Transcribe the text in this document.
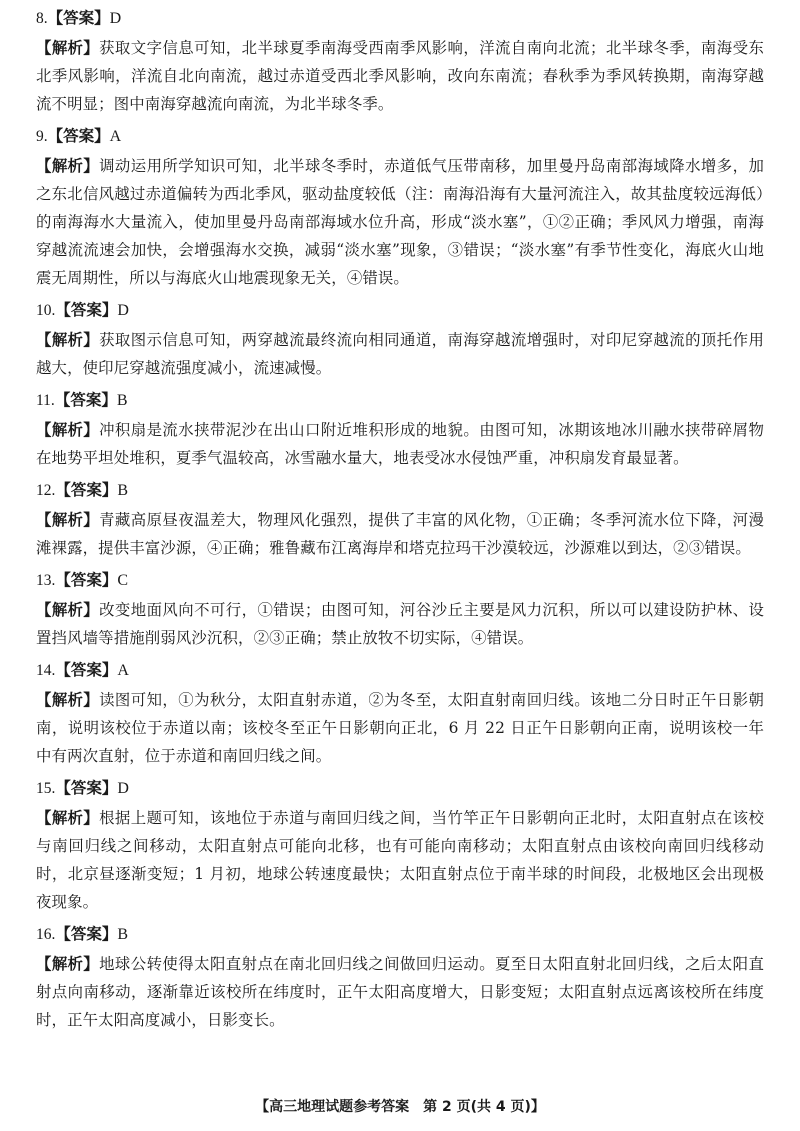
8.【答案】D
【解析】获取文字信息可知，北半球夏季南海受西南季风影响，洋流自南向北流；北半球冬季，南海受东北季风影响，洋流自北向南流，越过赤道受西北季风影响，改向东南流；春秋季为季风转换期，南海穿越流不明显；图中南海穿越流向南流，为北半球冬季。
9.【答案】A
【解析】调动运用所学知识可知，北半球冬季时，赤道低气压带南移，加里曼丹岛南部海域降水增多，加之东北信风越过赤道偏转为西北季风，驱动盐度较低（注：南海沿海有大量河流注入，故其盐度较远海低）的南海海水大量流入，使加里曼丹岛南部海域水位升高，形成“淡水塞”，①②正确；季风风力增强，南海穿越流流速会加快，会增强海水交换，减弱“淡水塞”现象，③错误；“淡水塞”有季节性变化，海底火山地震无周期性，所以与海底火山地震现象无关，④错误。
10.【答案】D
【解析】获取图示信息可知，两穿越流最终流向相同通道，南海穿越流增强时，对印尼穿越流的顶托作用越大，使印尼穿越流强度减小，流速减慢。
11.【答案】B
【解析】冲积扇是流水挟带泥沙在出山口附近堆积形成的地貌。由图可知，冰期该地冰川融水挟带碎屑物在地势平坦处堆积，夏季气温较高，冰雪融水量大，地表受冰水侵蚀严重，冲积扇发育最显著。
12.【答案】B
【解析】青藏高原昼夜温差大，物理风化强烈，提供了丰富的风化物，①正确；冬季河流水位下降，河漫滩裸露，提供丰富沙源，④正确；雅鲁藏布江离海岸和塔克拉玛干沙漠较远，沙源难以到达，②③错误。
13.【答案】C
【解析】改变地面风向不可行，①错误；由图可知，河谷沙丘主要是风力沉积，所以可以建设防护林、设置挡风墙等措施削弱风沙沉积，②③正确；禁止放牧不切实际，④错误。
14.【答案】A
【解析】读图可知，①为秋分，太阳直射赤道，②为冬至，太阳直射南回归线。该地二分日时正午日影朝南，说明该校位于赤道以南；该校冬至正午日影朝向正北，6 月 22 日正午日影朝向正南，说明该校一年中有两次直射，位于赤道和南回归线之间。
15.【答案】D
【解析】根据上题可知，该地位于赤道与南回归线之间，当竹竿正午日影朝向正北时，太阳直射点在该校与南回归线之间移动，太阳直射点可能向北移，也有可能向南移动；太阳直射点由该校向南回归线移动时，北京昼逐渐变短；1 月初，地球公转速度最快；太阳直射点位于南半球的时间段，北极地区会出现极夜现象。
16.【答案】B
【解析】地球公转使得太阳直射点在南北回归线之间做回归运动。夏至日太阳直射北回归线，之后太阳直射点向南移动，逐渐靠近该校所在纬度时，正午太阳高度增大，日影变短；太阳直射点远离该校所在纬度时，正午太阳高度减小，日影变长。
【高三地理试题参考答案　第 2 页(共 4 页)】
